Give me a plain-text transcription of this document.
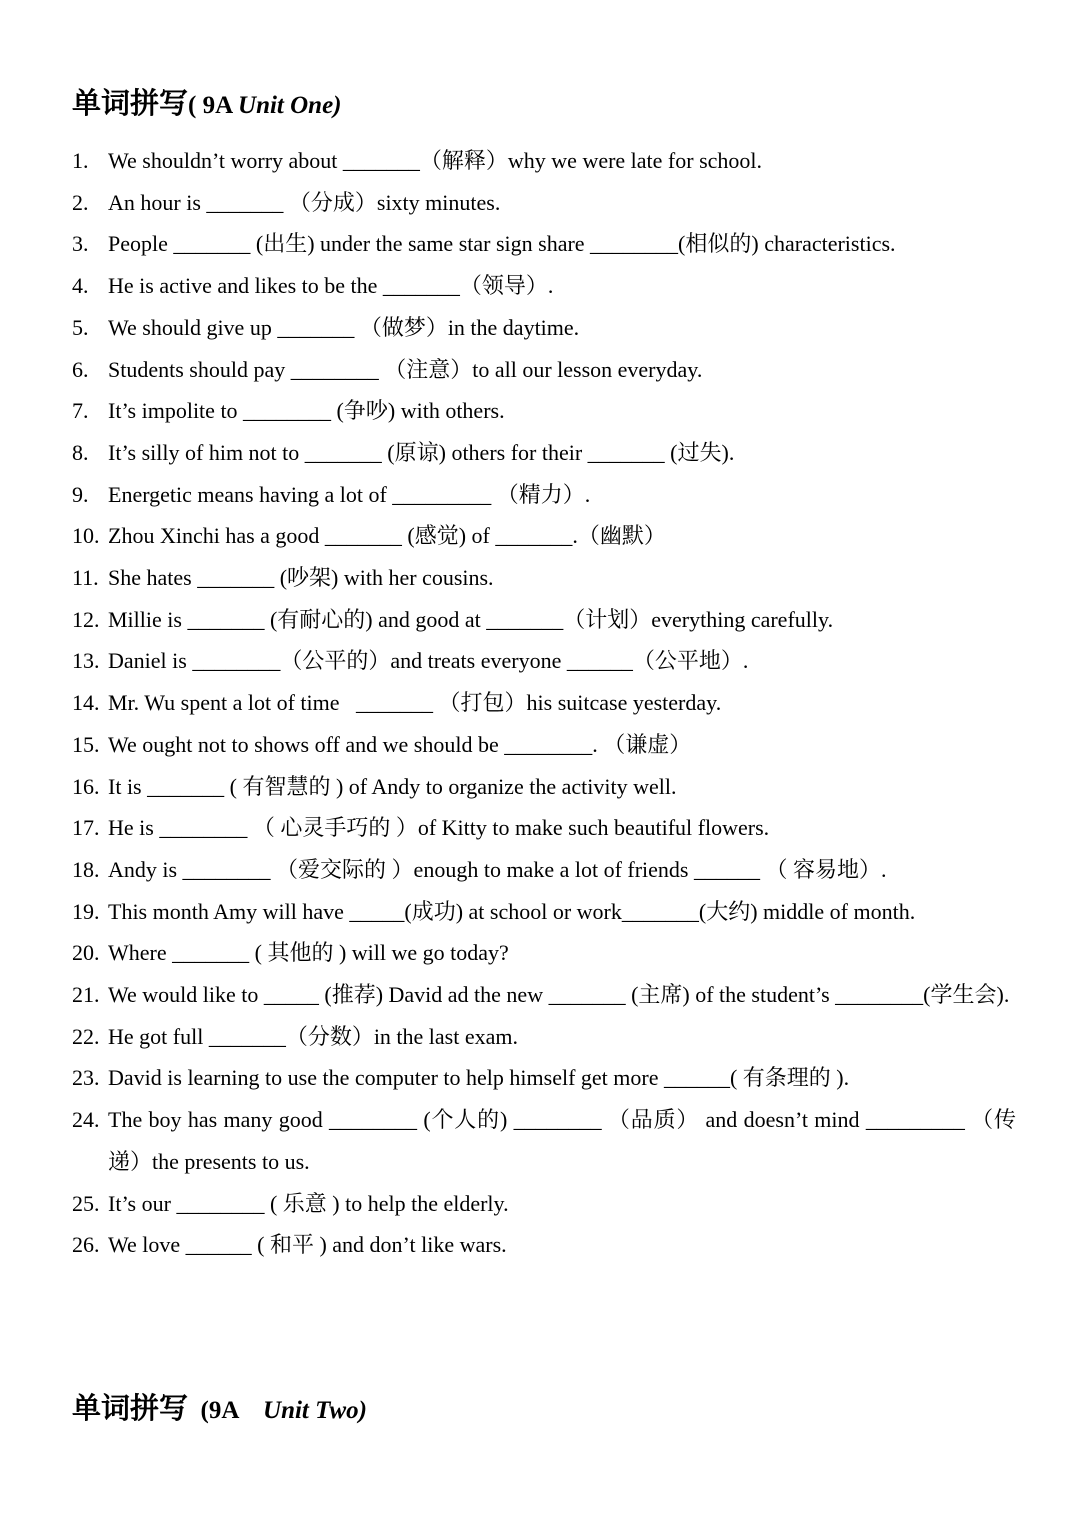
单词拼写( 9A Unit One)
1. We shouldn’t worry about _______（解释）why we were late for school.
2. An hour is _______ （分成）sixty minutes.
3. People _______ (出生) under the same star sign share ________(相似的) characteristics.
4. He is active and likes to be the _______（领导）.
5. We should give up _______ （做梦）in the daytime.
6. Students should pay ________ （注意）to all our lesson everyday.
7. It’s impolite to ________ (争吵) with others.
8. It’s silly of him not to _______ (原谅) others for their _______ (过失).
9. Energetic means having a lot of _________ （精力）.
10. Zhou Xinchi has a good _______ (感觉) of _______.（幽默）
11. She hates _______ (吵架) with her cousins.
12. Millie is _______ (有耐心的) and good at _______（计划）everything carefully.
13. Daniel is ________（公平的）and treats everyone ______（公平地）.
14. Mr. Wu spent a lot of time   _______ （打包）his suitcase yesterday.
15. We ought not to shows off and we should be ________. （谦虚）
16. It is _______ ( 有智慧的 ) of Andy to organize the activity well.
17. He is ________ （ 心灵手巧的 ）of Kitty to make such beautiful flowers.
18. Andy is ________ （爱交际的 ）enough to make a lot of friends ______ （ 容易地）.
19. This month Amy will have _____(成功) at school or work_______(大约) middle of month.
20. Where _______ ( 其他的 ) will we go today?
21. We would like to _____ (推荐) David ad the new _______ (主席) of the student’s ________(学生会).
22. He got full _______（分数）in the last exam.
23. David is learning to use the computer to help himself get more ______( 有条理的 ).
24. The boy has many good ________ (个人的) ________ （品质） and doesn’t mind _________ （传递）the presents to us.
25. It’s our ________ ( 乐意 ) to help the elderly.
26. We love ______ ( 和平 ) and don’t like wars.
单词拼写  (9A    Unit Two)
